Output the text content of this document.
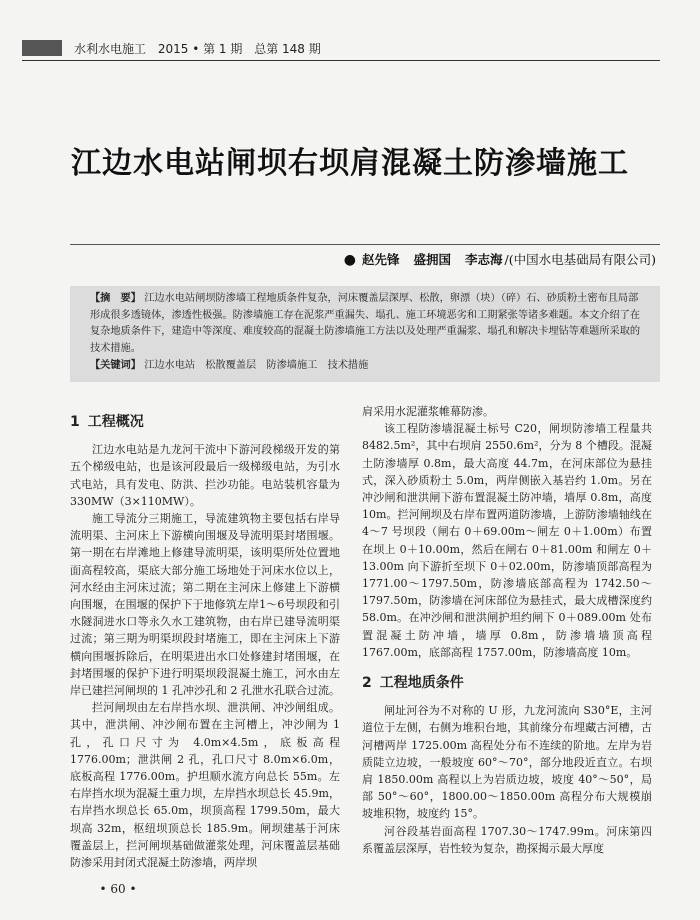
水利水电施工 2015 • 第 1 期 总第 148 期
江边水电站闸坝右坝肩混凝土防渗墙施工
● 赵先锋 盛拥国 李志海 /(中国水电基础局有限公司)
【摘　要】 江边水电站闸坝防渗墙工程地质条件复杂，河床覆盖层深厚、松散，卵漂（块）（碎）石、砂质粉土密布且局部形成很多透镜体，渗透性极强。防渗墙施工存在泥浆严重漏失、塌孔、施工环境恶劣和工期紧张等诸多难题。本文介绍了在复杂地质条件下，建造中等深度、难度较高的混凝土防渗墙施工方法以及处理严重漏浆、塌孔和解决卡埋钻等难题所采取的技术措施。
【关键词】 江边水电站　松散覆盖层　防渗墙施工　技术措施
1 工程概况

江边水电站是九龙河干流中下游河段梯级开发的第五个梯级电站，也是该河段最后一级梯级电站，为引水式电站，具有发电、防洪、拦沙功能。电站装机容量为330MW（3×110MW）。

施工导流分三期施工，导流建筑物主要包括右岸导流明渠、主河床上下游横向围堰及导流明渠封堵围堰。第一期在右岸滩地上修建导流明渠，该明渠所处位置地面高程较高，渠底大部分施工场地处于河床水位以上，河水经由主河床过流；第二期在主河床上修建上下游横向围堰，在围堰的保护下于地修筑左岸1～6号坝段和引水隧洞进水口等永久水工建筑物，由右岸已建导流明渠过流；第三期为明渠坝段封堵施工，即在主河床上下游横向围堰拆除后，在明渠进出水口处修建封堵围堰，在封堵围堰的保护下进行明渠坝段混凝土施工，河水由左岸已建拦河闸坝的 1 孔冲沙孔和 2 孔泄水孔联合过流。

拦河闸坝由左右岸挡水坝、泄洪闸、冲沙闸组成。其中，泄洪闸、冲沙闸布置在主河槽上，冲沙闸为 1 孔，孔口尺寸为 4.0m×4.5m，底板高程 1776.00m；泄洪闸 2 孔，孔口尺寸 8.0m×6.0m，底板高程 1776.00m。护坦顺水流方向总长 55m。左右岸挡水坝为混凝土重力坝，左岸挡水坝总长 45.9m，右岸挡水坝总长 65.0m，坝顶高程 1799.50m，最大坝高 32m，枢纽坝顶总长 185.9m。闸坝建基于河床覆盖层上，拦河闸坝基础做灌浆处理，河床覆盖层基础防渗采用封闭式混凝土防渗墙，两岸坝

肩采用水泥灌浆帷幕防渗。

该工程防渗墙混凝土标号 C20，闸坝防渗墙工程量共 8482.5m²，其中右坝肩 2550.6m²，分为 8 个槽段。混凝土防渗墙厚 0.8m，最大高度 44.7m，在河床部位为悬挂式，深入砂质粉土 5.0m，两岸侧嵌入基岩约 1.0m。另在冲沙闸和泄洪闸下游布置混凝土防冲墙，墙厚 0.8m，高度 10m。拦河闸坝及右岸布置两道防渗墙，上游防渗墙轴线在 4～7 号坝段（闸右 0＋69.00m～闸左 0＋1.00m）布置在坝上 0＋10.00m，然后在闸右 0＋81.00m 和闸左 0＋13.00m 向下游折至坝下 0＋02.00m，防渗墙顶部高程为 1771.00～1797.50m，防渗墙底部高程为 1742.50～1797.50m，防渗墙在河床部位为悬挂式，最大成槽深度约 58.0m。在冲沙闸和泄洪闸护坦约闸下 0＋089.00m 处布置混凝土防冲墙，墙厚 0.8m，防渗墙墙顶高程 1767.00m，底部高程 1757.00m，防渗墙高度 10m。

2 工程地质条件

闸址河谷为不对称的 U 形，九龙河流向 S30°E，主河道位于左侧，右侧为堆积台地，其前缘分布埋藏古河槽，古河槽两岸 1725.00m 高程处分布不连续的阶地。左岸为岩质陡立边坡，一般坡度 60°～70°，部分地段近直立。右坝肩 1850.00m 高程以上为岩质边坡，坡度 40°～50°，局部 50°～60°，1800.00～1850.00m 高程分布大规模崩坡堆积物，坡度约 15°。

河谷段基岩面高程 1707.30～1747.99m。河床第四系覆盖层深厚，岩性较为复杂，勘探揭示最大厚度

• 60 •
